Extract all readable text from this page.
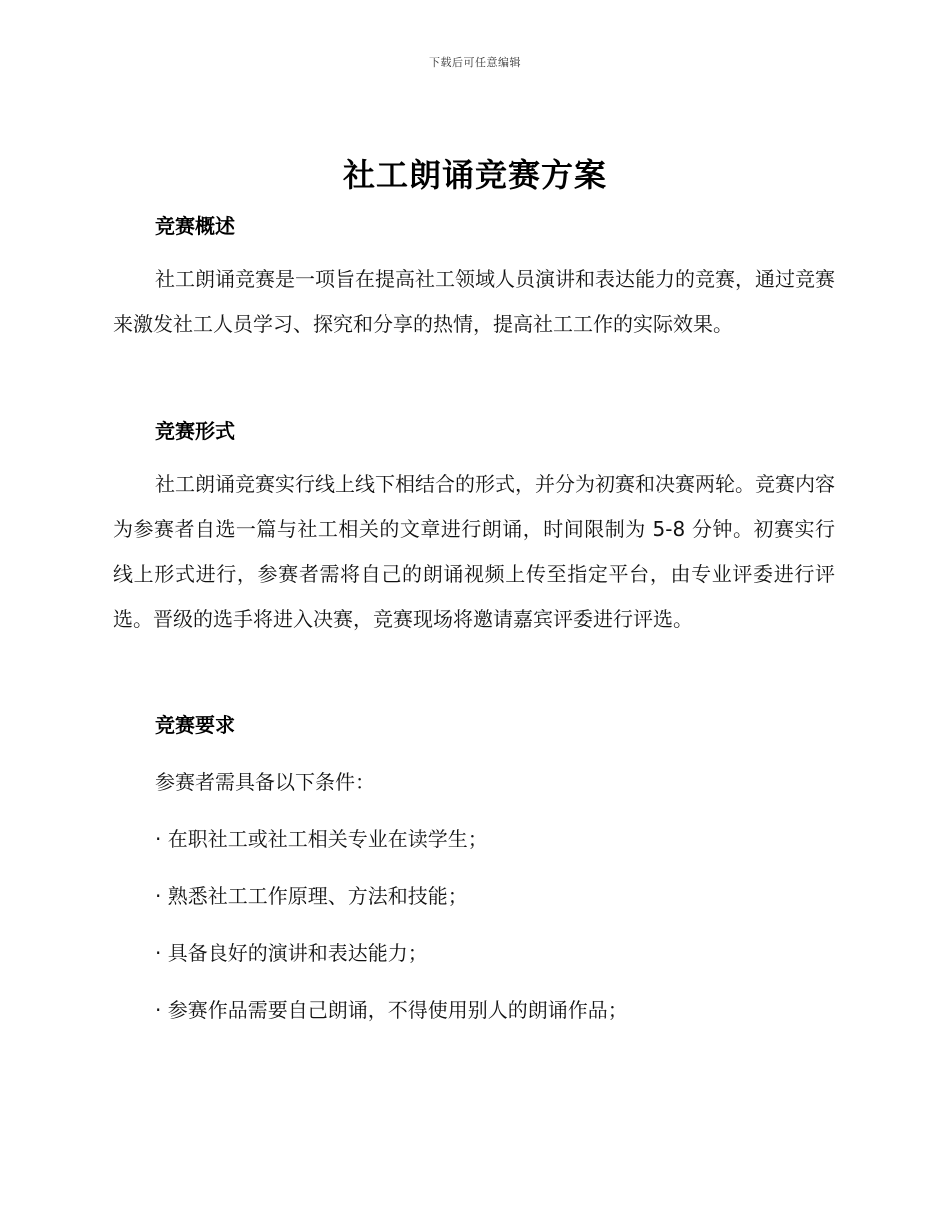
下载后可任意编辑
社工朗诵竞赛方案
竞赛概述

社工朗诵竞赛是一项旨在提高社工领域人员演讲和表达能力的竞赛，通过竞赛来激发社工人员学习、探究和分享的热情，提高社工工作的实际效果。

竞赛形式

社工朗诵竞赛实行线上线下相结合的形式，并分为初赛和决赛两轮。竞赛内容为参赛者自选一篇与社工相关的文章进行朗诵，时间限制为 5-8 分钟。初赛实行线上形式进行，参赛者需将自己的朗诵视频上传至指定平台，由专业评委进行评选。晋级的选手将进入决赛，竞赛现场将邀请嘉宾评委进行评选。

竞赛要求

参赛者需具备以下条件：

· 在职社工或社工相关专业在读学生；

· 熟悉社工工作原理、方法和技能；

· 具备良好的演讲和表达能力；

· 参赛作品需要自己朗诵，不得使用别人的朗诵作品；
